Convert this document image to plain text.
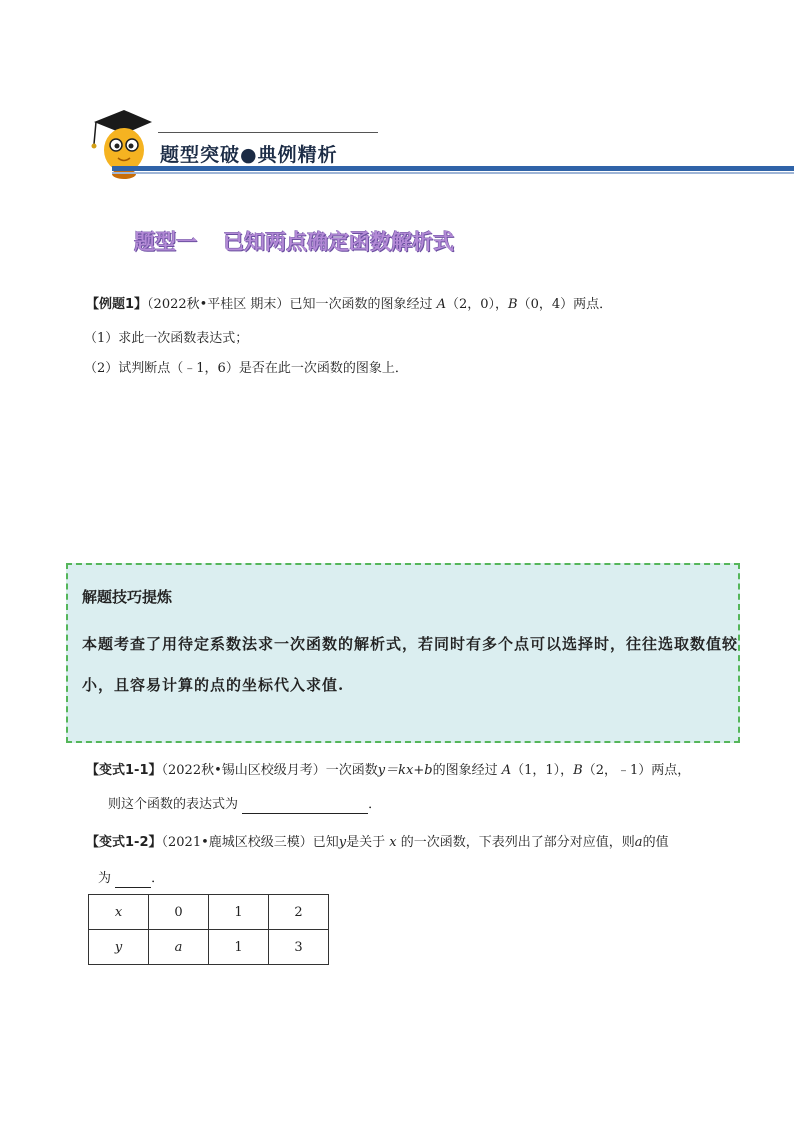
题型突破●典例精析
题型一 已知两点确定函数解析式
【例题1】（2022秋•平桂区 期末）已知一次函数的图象经过 A（2，0），B（0，4）两点．
（1）求此一次函数表达式；
（2）试判断点（﹣1，6）是否在此一次函数的图象上．
解题技巧提炼
本题考查了用待定系数法求一次函数的解析式，若同时有多个点可以选择时，往往选取数值较小，且容易计算的点的坐标代入求值.
【变式1-1】（2022秋•锡山区校级月考）一次函数y＝kx+b的图象经过 A（1，1），B（2，﹣1）两点，
则这个函数的表达式为	．
【变式1-2】（2021•鹿城区校级三模）已知y是关于 x 的一次函数，下表列出了部分对应值，则a的值
为	．
x	0	1	2
y	a	1	3
